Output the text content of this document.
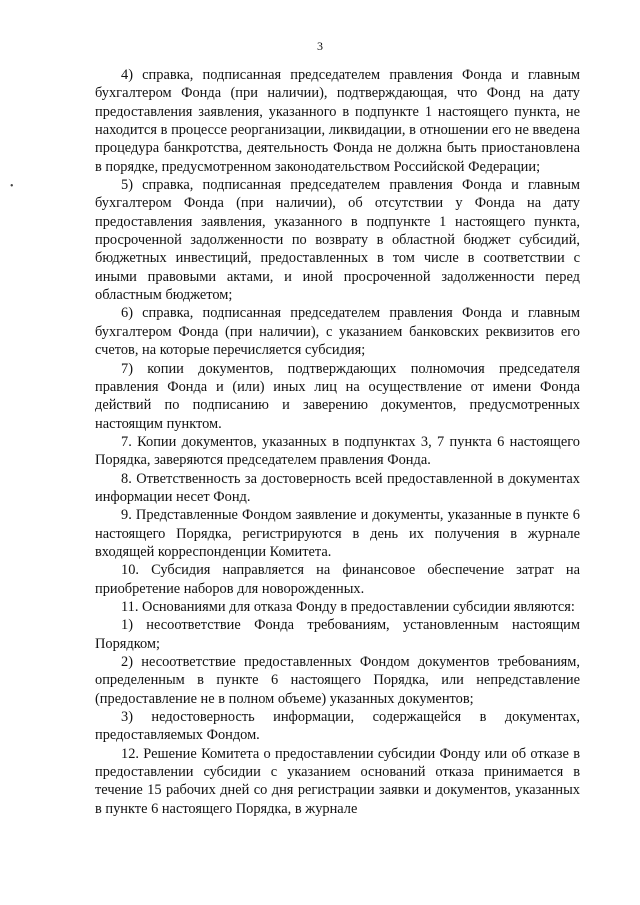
3
•

4) справка, подписанная председателем правления Фонда и главным бухгалтером Фонда (при наличии), подтверждающая, что Фонд на дату предоставления заявления, указанного в подпункте 1 настоящего пункта, не находится в процессе реорганизации, ликвидации, в отношении его не введена процедура банкротства, деятельность Фонда не должна быть приостановлена в порядке, предусмотренном законодательством Российской Федерации;

5) справка, подписанная председателем правления Фонда и главным бухгалтером Фонда (при наличии), об отсутствии у Фонда на дату предоставления заявления, указанного в подпункте 1 настоящего пункта, просроченной задолженности по возврату в областной бюджет субсидий, бюджетных инвестиций, предоставленных в том числе в соответствии с иными правовыми актами, и иной просроченной задолженности перед областным бюджетом;

6) справка, подписанная председателем правления Фонда и главным бухгалтером Фонда (при наличии), с указанием банковских реквизитов его счетов, на которые перечисляется субсидия;

7) копии документов, подтверждающих полномочия председателя правления Фонда и (или) иных лиц на осуществление от имени Фонда действий по подписанию и заверению документов, предусмотренных настоящим пунктом.

7. Копии документов, указанных в подпунктах 3, 7 пункта 6 настоящего Порядка, заверяются председателем правления Фонда.

8. Ответственность за достоверность всей предоставленной в документах информации несет Фонд.

9. Представленные Фондом заявление и документы, указанные в пункте 6 настоящего Порядка, регистрируются в день их получения в журнале входящей корреспонденции Комитета.

10. Субсидия направляется на финансовое обеспечение затрат на приобретение наборов для новорожденных.

11. Основаниями для отказа Фонду в предоставлении субсидии являются:

1) несоответствие Фонда требованиям, установленным настоящим Порядком;

2) несоответствие предоставленных Фондом документов требованиям, определенным в пункте 6 настоящего Порядка, или непредставление (предоставление не в полном объеме) указанных документов;

3) недостоверность информации, содержащейся в документах, предоставляемых Фондом.

12. Решение Комитета о предоставлении субсидии Фонду или об отказе в предоставлении субсидии с указанием оснований отказа принимается в течение 15 рабочих дней со дня регистрации заявки и документов, указанных в пункте 6 настоящего Порядка, в журнале
